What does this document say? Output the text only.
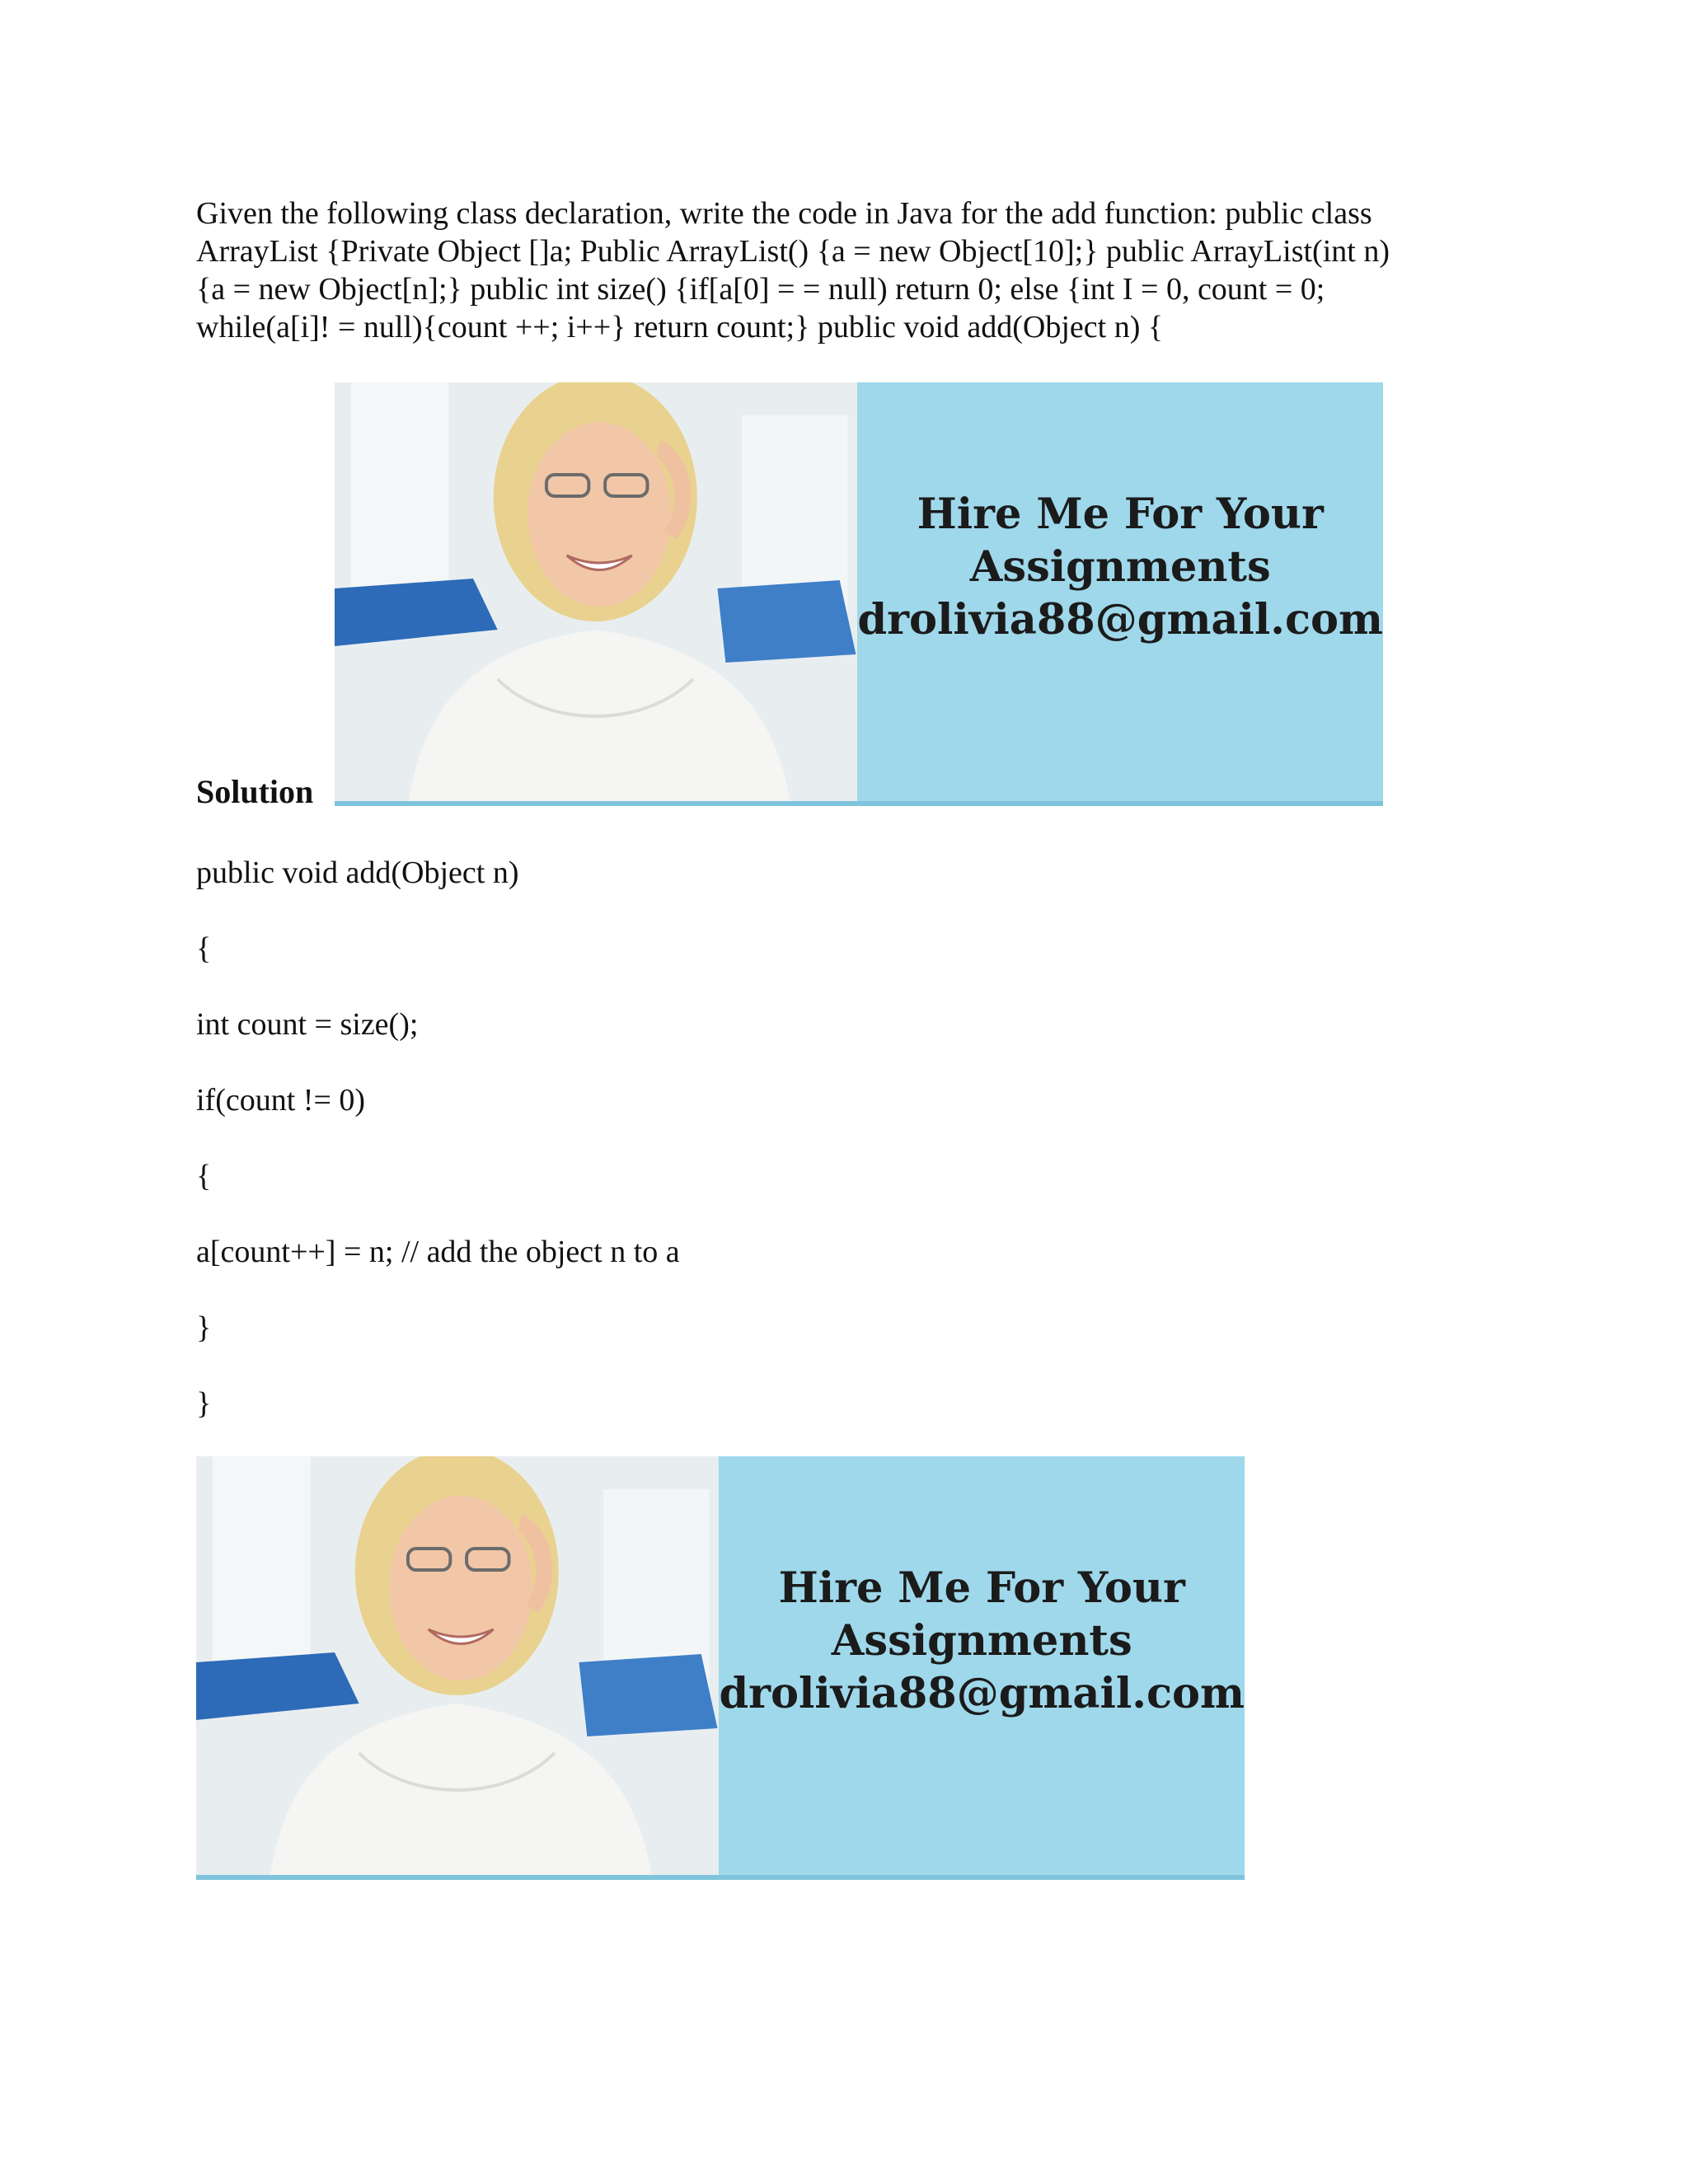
Given the following class declaration, write the code in Java for the add function: public class
ArrayList {Private Object []a; Public ArrayList() {a = new Object[10];} public ArrayList(int n)
{a = new Object[n];} public int size() {if[a[0] = = null) return 0; else {int I = 0, count = 0;
while(a[i]! = null){count ++; i++} return count;} public void add(Object n) {
Hire Me For Your
Assignments
drolivia88@gmail.com
Solution

public void add(Object n)

{

int count = size();

if(count != 0)

{

a[count++] = n; // add the object n to a

}

}

Hire Me For Your
Assignments
drolivia88@gmail.com
